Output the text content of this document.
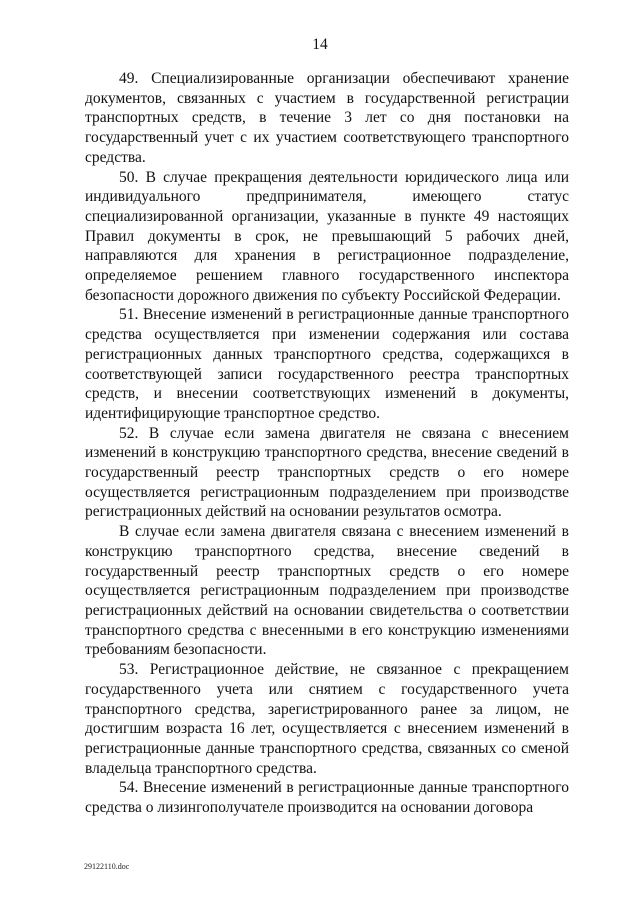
14

49. Специализированные организации обеспечивают хранение документов, связанных с участием в государственной регистрации транспортных средств, в течение 3 лет со дня постановки на государственный учет с их участием соответствующего транспортного средства.

50. В случае прекращения деятельности юридического лица или индивидуального предпринимателя, имеющего статус специализированной организации, указанные в пункте 49 настоящих Правил документы в срок, не превышающий 5 рабочих дней, направляются для хранения в регистрационное подразделение, определяемое решением главного государственного инспектора безопасности дорожного движения по субъекту Российской Федерации.

51. Внесение изменений в регистрационные данные транспортного средства осуществляется при изменении содержания или состава регистрационных данных транспортного средства, содержащихся в соответствующей записи государственного реестра транспортных средств, и внесении соответствующих изменений в документы, идентифицирующие транспортное средство.

52. В случае если замена двигателя не связана с внесением изменений в конструкцию транспортного средства, внесение сведений в государственный реестр транспортных средств о его номере осуществляется регистрационным подразделением при производстве регистрационных действий на основании результатов осмотра.

В случае если замена двигателя связана с внесением изменений в конструкцию транспортного средства, внесение сведений в государственный реестр транспортных средств о его номере осуществляется регистрационным подразделением при производстве регистрационных действий на основании свидетельства о соответствии транспортного средства с внесенными в его конструкцию изменениями требованиям безопасности.

53. Регистрационное действие, не связанное с прекращением государственного учета или снятием с государственного учета транспортного средства, зарегистрированного ранее за лицом, не достигшим возраста 16 лет, осуществляется с внесением изменений в регистрационные данные транспортного средства, связанных со сменой владельца транспортного средства.

54. Внесение изменений в регистрационные данные транспортного средства о лизингополучателе производится на основании договора

29122110.doc
